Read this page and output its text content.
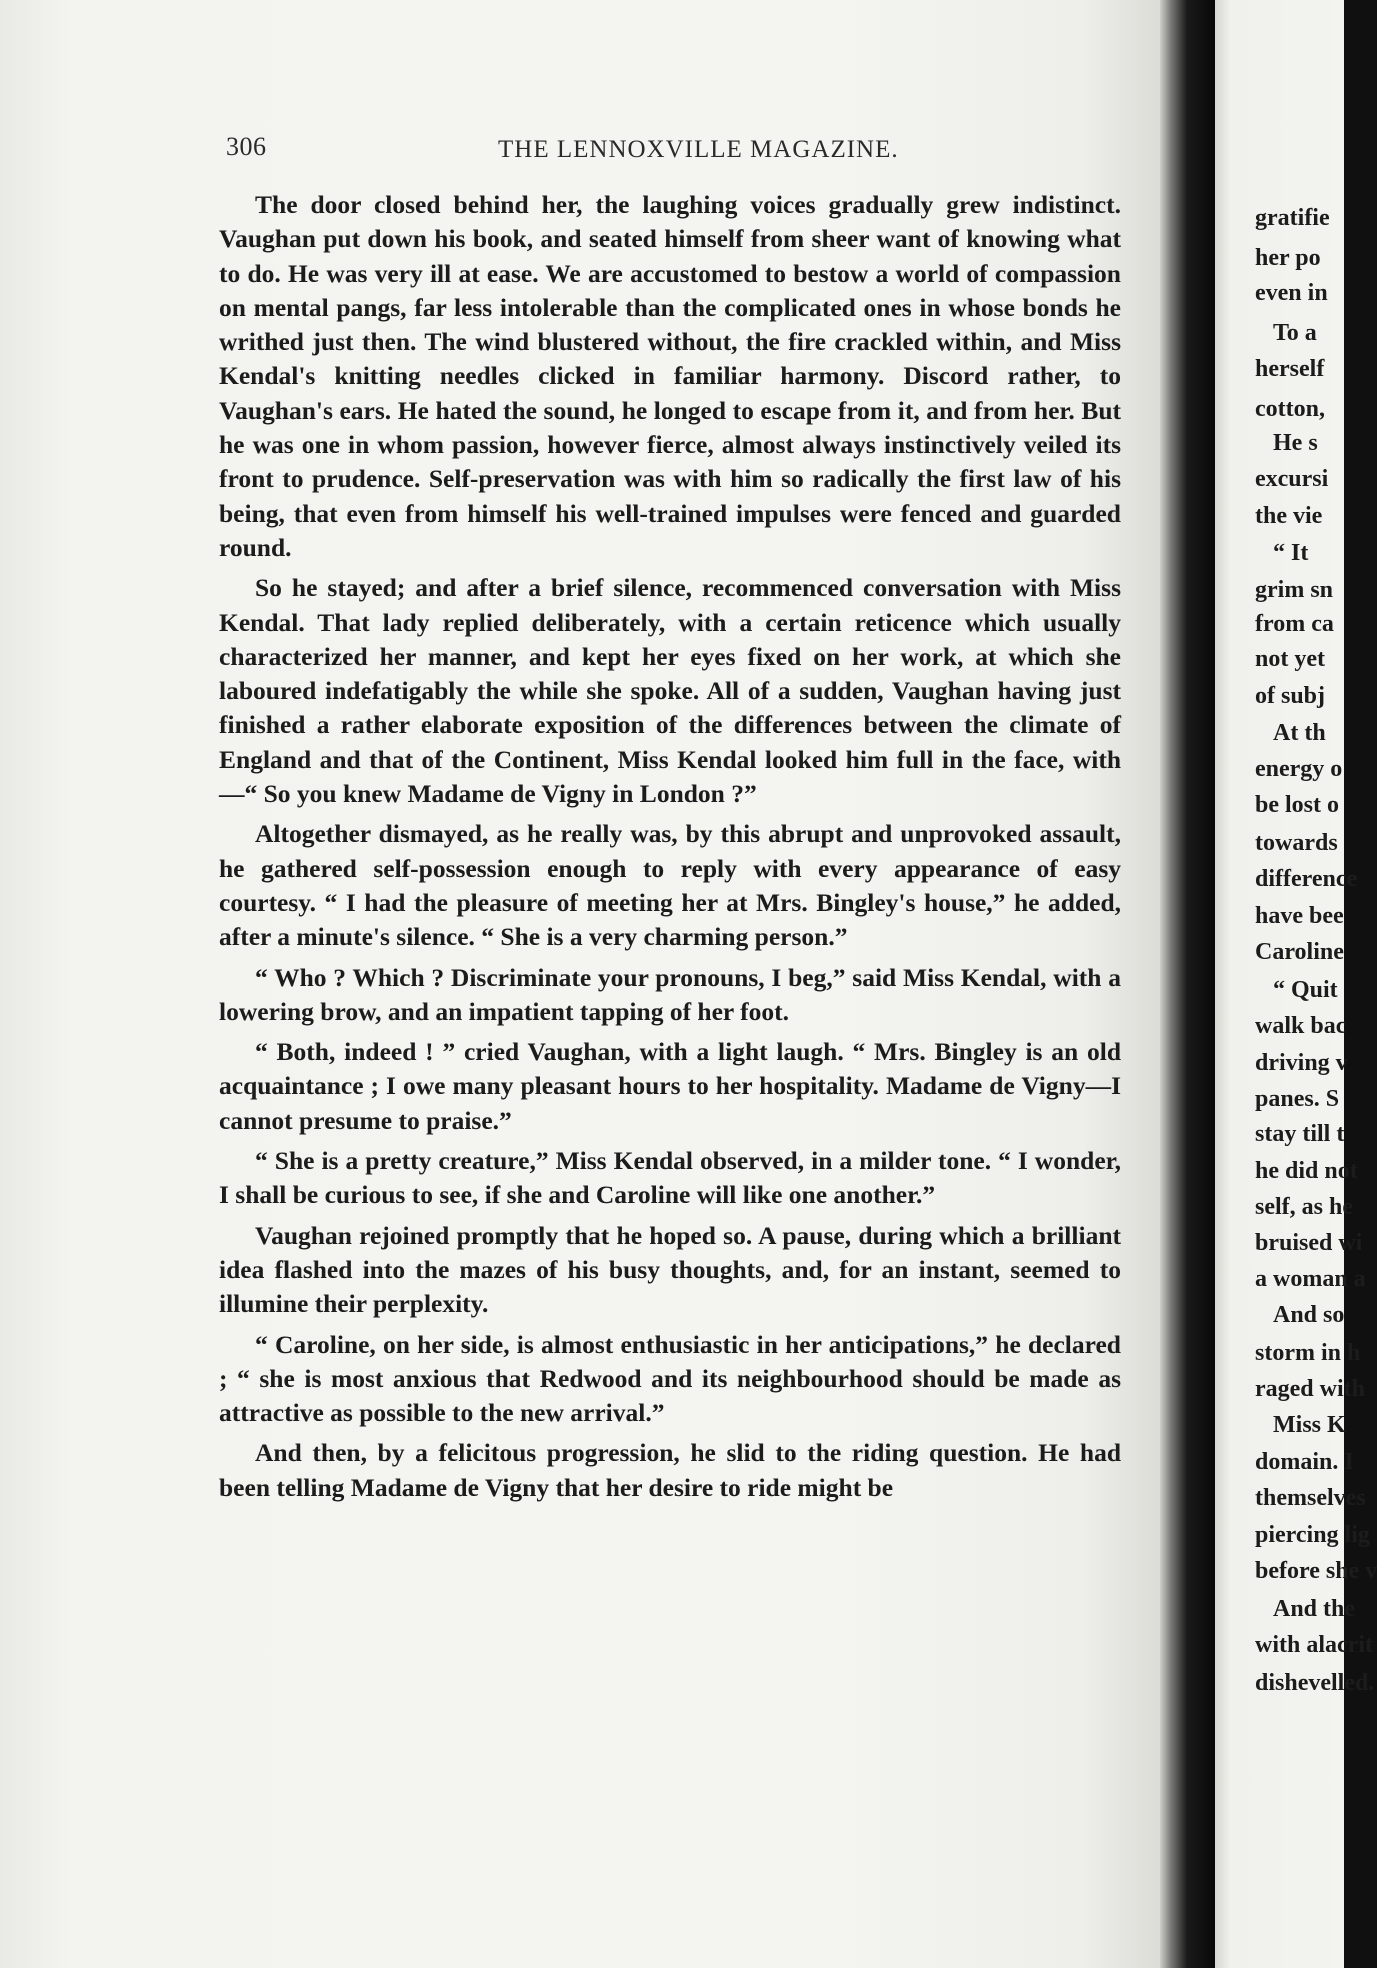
306	THE LENNOXVILLE MAGAZINE.

The door closed behind her, the laughing voices gradually grew indistinct. Vaughan put down his book, and seated himself from sheer want of knowing what to do. He was very ill at ease. We are accustomed to bestow a world of compassion on mental pangs, far less intolerable than the complicated ones in whose bonds he writhed just then. The wind blustered without, the fire crackled within, and Miss Kendal's knitting needles clicked in familiar harmony. Discord rather, to Vaughan's ears. He hated the sound, he longed to escape from it, and from her. But he was one in whom passion, however fierce, almost always instinctively veiled its front to prudence. Self-preservation was with him so radically the first law of his being, that even from himself his well-trained impulses were fenced and guarded round.

So he stayed; and after a brief silence, recommenced conversation with Miss Kendal. That lady replied deliberately, with a certain reticence which usually characterized her manner, and kept her eyes fixed on her work, at which she laboured indefatigably the while she spoke. All of a sudden, Vaughan having just finished a rather elaborate exposition of the differences between the climate of England and that of the Continent, Miss Kendal looked him full in the face, with—“ So you knew Madame de Vigny in London ?”

Altogether dismayed, as he really was, by this abrupt and unprovoked assault, he gathered self-possession enough to reply with every appearance of easy courtesy. “ I had the pleasure of meeting her at Mrs. Bingley's house,” he added, after a minute's silence. “ She is a very charming person.”

“ Who ? Which ? Discriminate your pronouns, I beg,” said Miss Kendal, with a lowering brow, and an impatient tapping of her foot.

“ Both, indeed ! ” cried Vaughan, with a light laugh. “ Mrs. Bingley is an old acquaintance ; I owe many pleasant hours to her hospitality. Madame de Vigny—I cannot presume to praise.”

“ She is a pretty creature,” Miss Kendal observed, in a milder tone. “ I wonder, I shall be curious to see, if she and Caroline will like one another.”

Vaughan rejoined promptly that he hoped so. A pause, during which a brilliant idea flashed into the mazes of his busy thoughts, and, for an instant, seemed to illumine their perplexity.

“ Caroline, on her side, is almost enthusiastic in her anticipations,” he declared ; “ she is most anxious that Redwood and its neighbourhood should be made as attractive as possible to the new arrival.”

And then, by a felicitous progression, he slid to the riding question. He had been telling Madame de Vigny that her desire to ride might be

gratifie
her po
even in
To a
herself
cotton,
He s
excursi
the vie
“ It
grim sn
from ca
not yet
of subj
At th
energy o
be lost o
towards
difference
have bee
Caroline
“ Quit
walk bac
driving v
panes. S
stay till t
he did not
self, as he
bruised wi
a woman a
And so
storm in h
raged with
Miss K
domain. I
themselves
piercing lig
before she v
And the
with alacrit
dishevelled.
